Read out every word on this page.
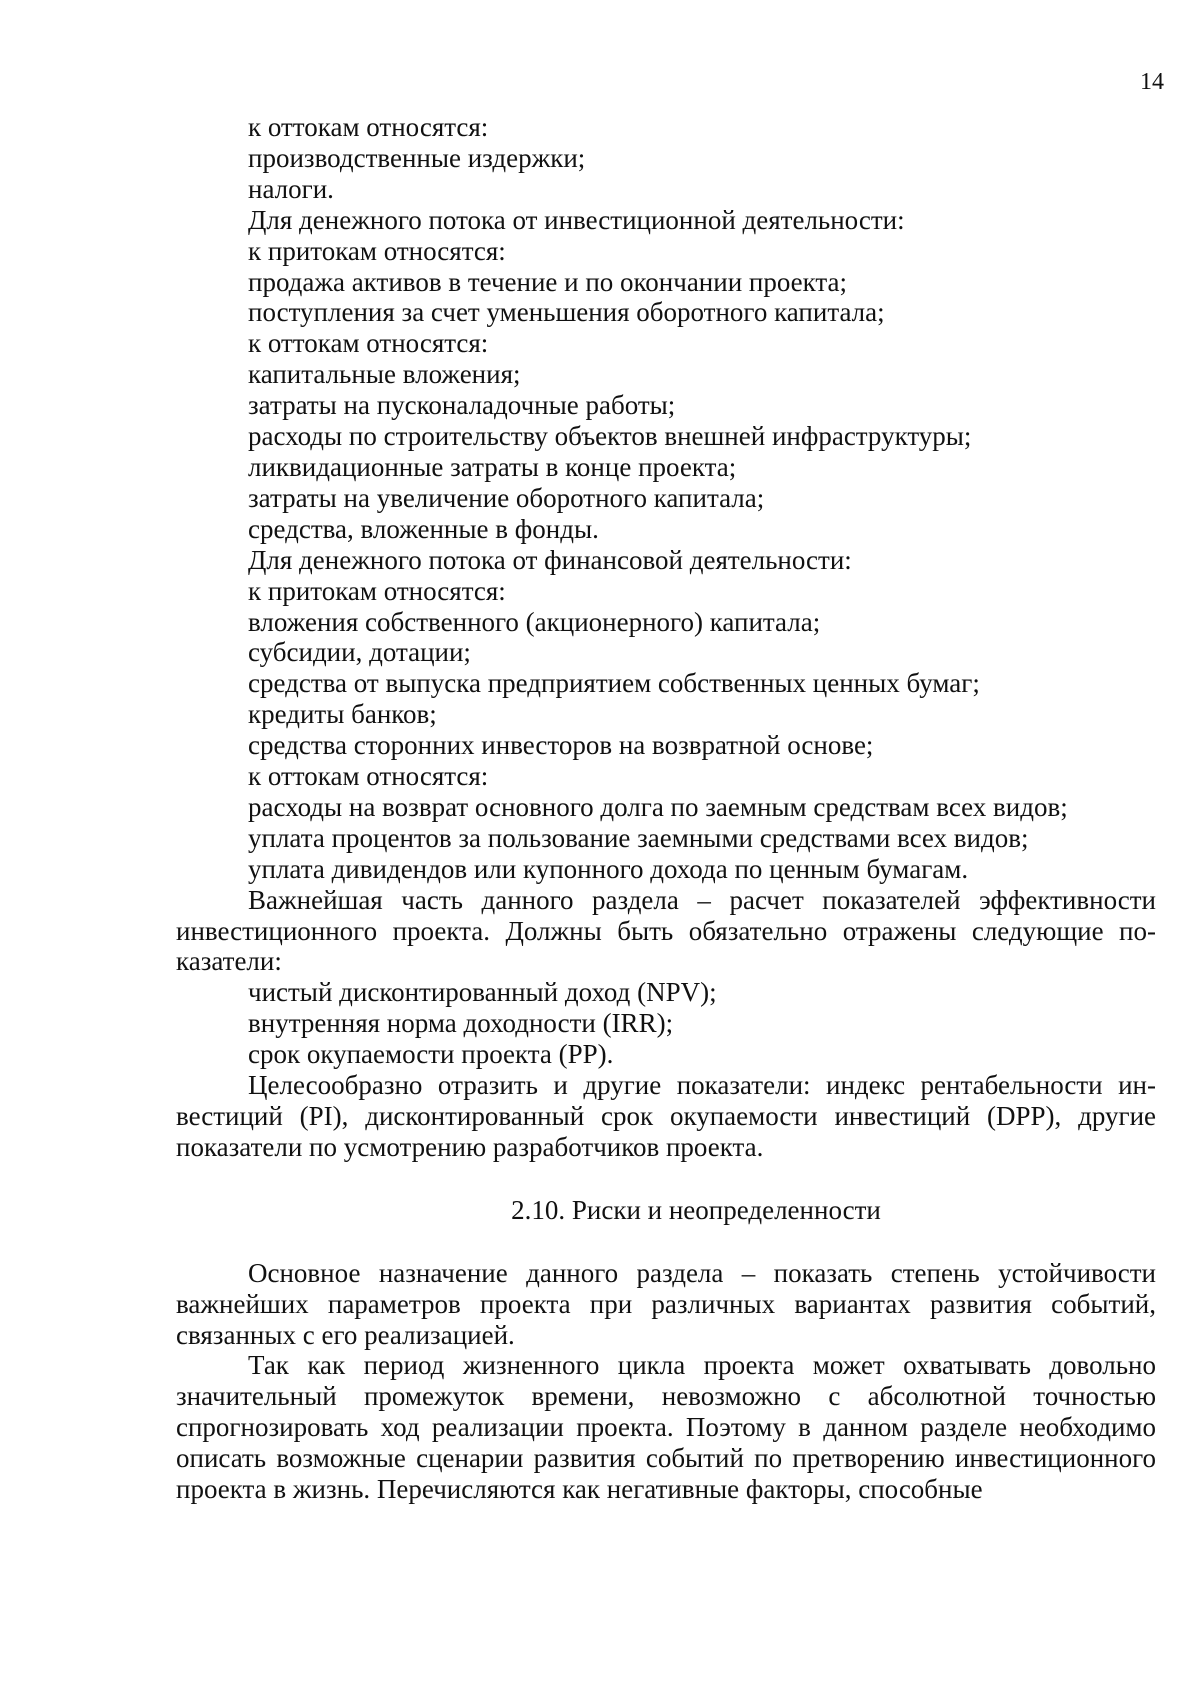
14
к оттокам относятся:
производственные издержки;
налоги.
Для денежного потока от инвестиционной деятельности:
к притокам относятся:
продажа активов в течение и по окончании проекта;
поступления за счет уменьшения оборотного капитала;
к оттокам относятся:
капитальные вложения;
затраты на пусконаладочные работы;
расходы по строительству объектов внешней инфраструктуры;
ликвидационные затраты в конце проекта;
затраты на увеличение оборотного капитала;
средства, вложенные в фонды.
Для денежного потока от финансовой деятельности:
к притокам относятся:
вложения собственного (акционерного) капитала;
субсидии, дотации;
средства от выпуска предприятием собственных ценных бумаг;
кредиты банков;
средства сторонних инвесторов на возвратной основе;
к оттокам относятся:
расходы на возврат основного долга по заемным средствам всех видов;
уплата процентов за пользование заемными средствами всех видов;
уплата дивидендов или купонного дохода по ценным бумагам.

Важнейшая часть данного раздела – расчет показателей эффективности инвестиционного проекта. Должны быть обязательно отражены следующие показатели:

чистый дисконтированный доход (NPV);
внутренняя норма доходности (IRR);
срок окупаемости проекта (PP).

Целесообразно отразить и другие показатели: индекс рентабельности инвестиций (PI), дисконтированный срок окупаемости инвестиций (DPP), другие показатели по усмотрению разработчиков проекта.

2.10. Риски и неопределенности

Основное назначение данного раздела – показать степень устойчивости важнейших параметров проекта при различных вариантах развития событий, связанных с его реализацией.

Так как период жизненного цикла проекта может охватывать довольно значительный промежуток времени, невозможно с абсолютной точностью спрогнозировать ход реализации проекта. Поэтому в данном разделе необходимо описать возможные сценарии развития событий по претворению инвестиционного проекта в жизнь. Перечисляются как негативные факторы, способные
